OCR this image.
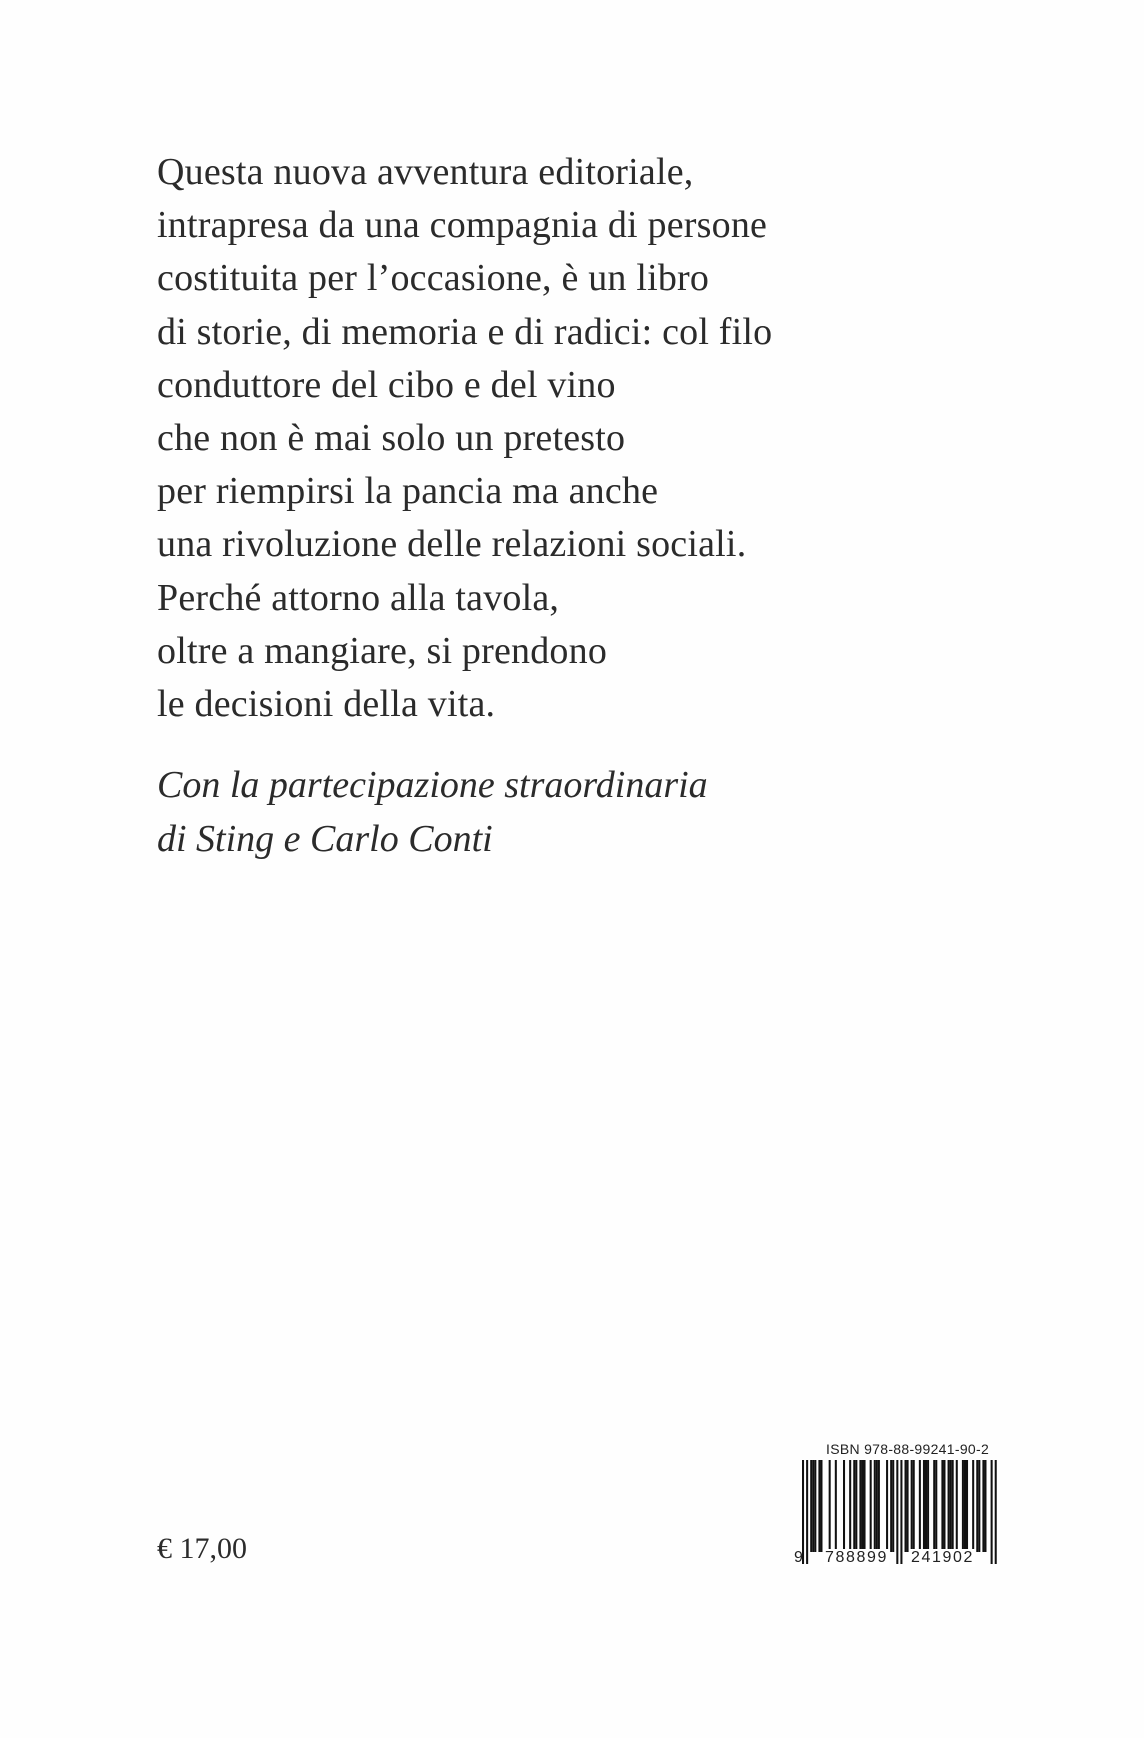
Questa nuova avventura editoriale,
intrapresa da una compagnia di persone
costituita per l’occasione, è un libro
di storie, di memoria e di radici: col filo
conduttore del cibo e del vino
che non è mai solo un pretesto
per riempirsi la pancia ma anche
una rivoluzione delle relazioni sociali.
Perché attorno alla tavola,
oltre a mangiare, si prendono
le decisioni della vita.
Con la partecipazione straordinaria
di Sting e Carlo Conti
€ 17,00
ISBN 978-88-99241-90-2
9 788899 241902
